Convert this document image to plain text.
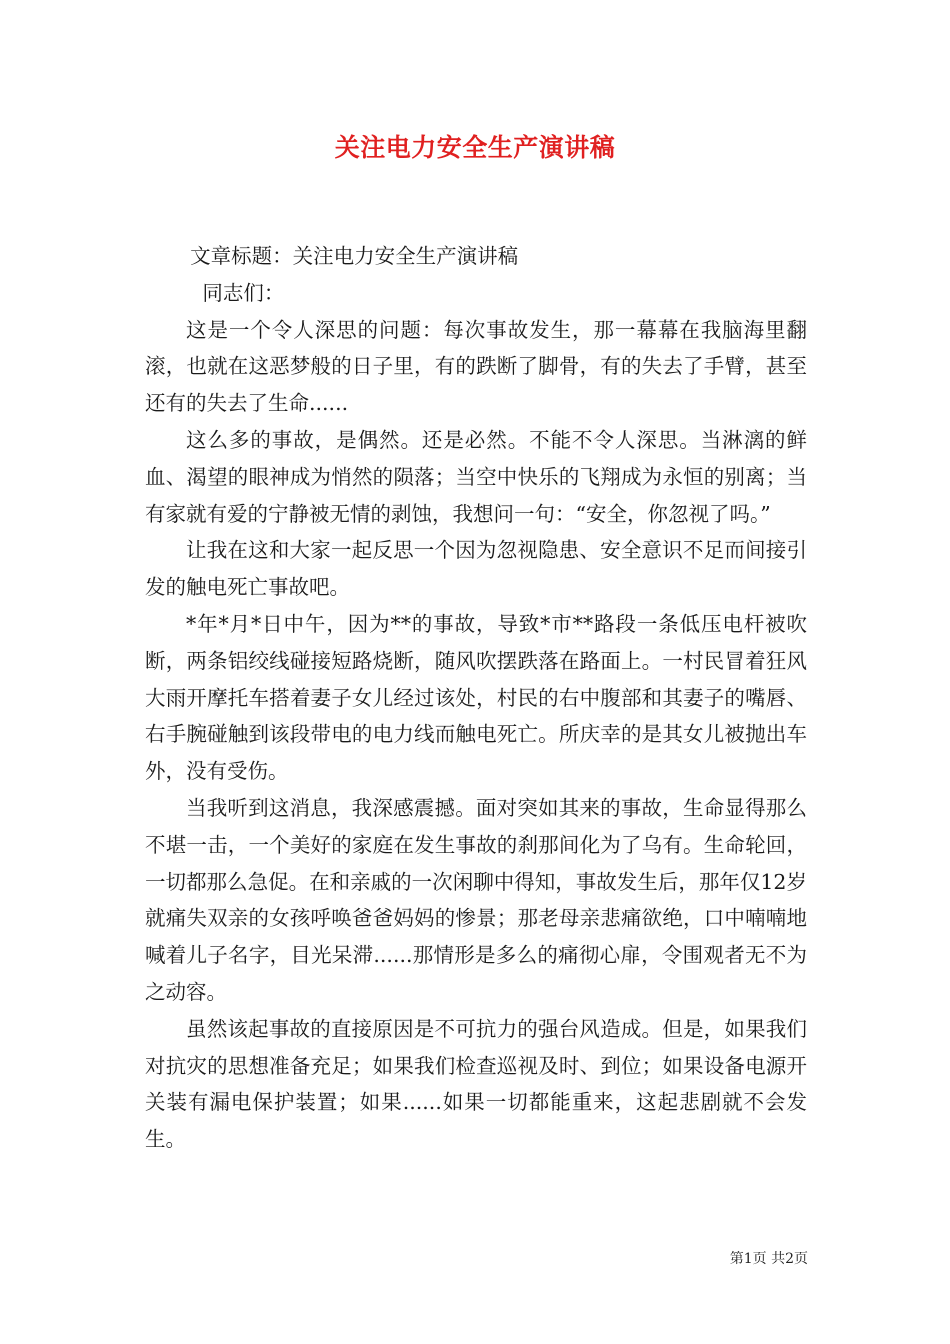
关注电力安全生产演讲稿

文章标题：关注电力安全生产演讲稿

同志们：

这是一个令人深思的问题：每次事故发生，那一幕幕在我脑海里翻滚，也就在这恶梦般的日子里，有的跌断了脚骨，有的失去了手臂，甚至还有的失去了生命......

这么多的事故，是偶然。还是必然。不能不令人深思。当淋漓的鲜血、渴望的眼神成为悄然的陨落；当空中快乐的飞翔成为永恒的别离；当有家就有爱的宁静被无情的剥蚀，我想问一句：“安全，你忽视了吗。”

让我在这和大家一起反思一个因为忽视隐患、安全意识不足而间接引发的触电死亡事故吧。

*年*月*日中午，因为**的事故，导致*市**路段一条低压电杆被吹断，两条铝绞线碰接短路烧断，随风吹摆跌落在路面上。一村民冒着狂风大雨开摩托车搭着妻子女儿经过该处，村民的右中腹部和其妻子的嘴唇、右手腕碰触到该段带电的电力线而触电死亡。所庆幸的是其女儿被抛出车外，没有受伤。

当我听到这消息，我深感震撼。面对突如其来的事故，生命显得那么不堪一击，一个美好的家庭在发生事故的刹那间化为了乌有。生命轮回，一切都那么急促。在和亲戚的一次闲聊中得知，事故发生后，那年仅12岁就痛失双亲的女孩呼唤爸爸妈妈的惨景；那老母亲悲痛欲绝，口中喃喃地喊着儿子名字，目光呆滞......那情形是多么的痛彻心扉，令围观者无不为之动容。

虽然该起事故的直接原因是不可抗力的强台风造成。但是，如果我们对抗灾的思想准备充足；如果我们检查巡视及时、到位；如果设备电源开关装有漏电保护装置；如果......如果一切都能重来，这起悲剧就不会发生。

第1页 共2页
